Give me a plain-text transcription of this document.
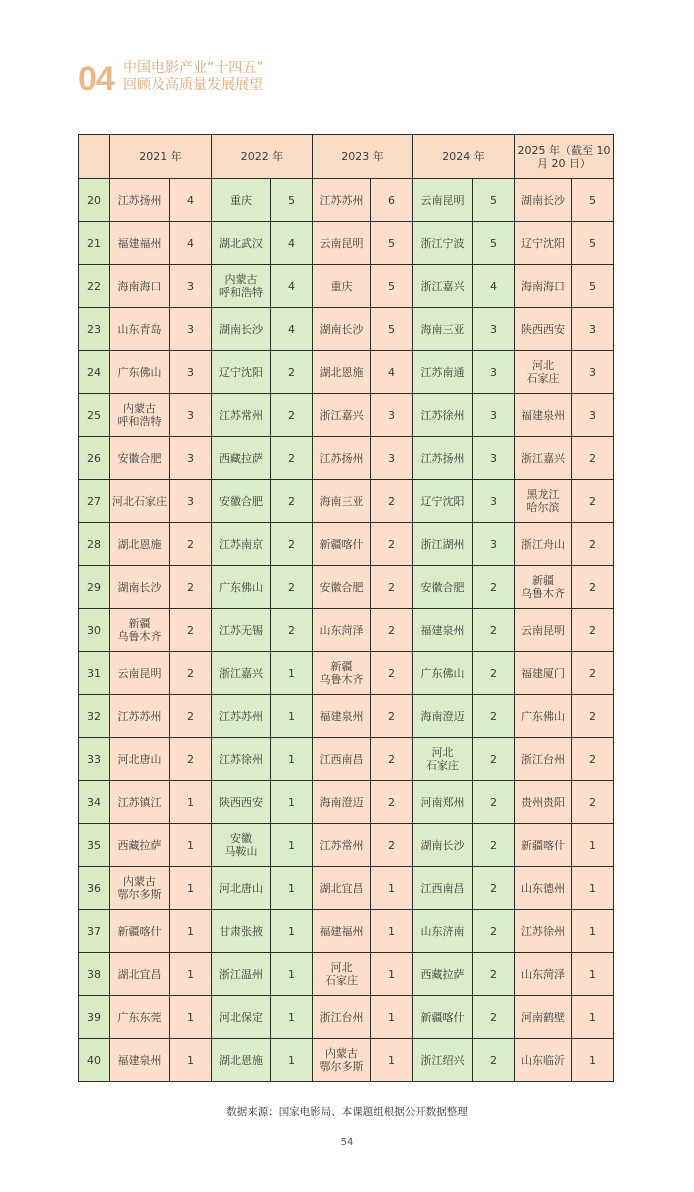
04 中国电影产业“十四五”
回顾及高质量发展展望
	2021 年		2022 年		2023 年		2024 年		2025 年（截至 10 月 20 日）	
20	江苏扬州	4	重庆	5	江苏苏州	6	云南昆明	5	湖南长沙	5
21	福建福州	4	湖北武汉	4	云南昆明	5	浙江宁波	5	辽宁沈阳	5
22	海南海口	3	内蒙古
呼和浩特	4	重庆	5	浙江嘉兴	4	海南海口	5
23	山东青岛	3	湖南长沙	4	湖南长沙	5	海南三亚	3	陕西西安	3
24	广东佛山	3	辽宁沈阳	2	湖北恩施	4	江苏南通	3	河北
石家庄	3
25	内蒙古
呼和浩特	3	江苏常州	2	浙江嘉兴	3	江苏徐州	3	福建泉州	3
26	安徽合肥	3	西藏拉萨	2	江苏扬州	3	江苏扬州	3	浙江嘉兴	2
27	河北石家庄	3	安徽合肥	2	海南三亚	2	辽宁沈阳	3	黑龙江
哈尔滨	2
28	湖北恩施	2	江苏南京	2	新疆喀什	2	浙江湖州	3	浙江舟山	2
29	湖南长沙	2	广东佛山	2	安徽合肥	2	安徽合肥	2	新疆
乌鲁木齐	2
30	新疆
乌鲁木齐	2	江苏无锡	2	山东菏泽	2	福建泉州	2	云南昆明	2
31	云南昆明	2	浙江嘉兴	1	新疆
乌鲁木齐	2	广东佛山	2	福建厦门	2
32	江苏苏州	2	江苏苏州	1	福建泉州	2	海南澄迈	2	广东佛山	2
33	河北唐山	2	江苏徐州	1	江西南昌	2	河北
石家庄	2	浙江台州	2
34	江苏镇江	1	陕西西安	1	海南澄迈	2	河南郑州	2	贵州贵阳	2
35	西藏拉萨	1	安徽
马鞍山	1	江苏常州	2	湖南长沙	2	新疆喀什	1
36	内蒙古
鄂尔多斯	1	河北唐山	1	湖北宜昌	1	江西南昌	2	山东德州	1
37	新疆喀什	1	甘肃张掖	1	福建福州	1	山东济南	2	江苏徐州	1
38	湖北宜昌	1	浙江温州	1	河北
石家庄	1	西藏拉萨	2	山东菏泽	1
39	广东东莞	1	河北保定	1	浙江台州	1	新疆喀什	2	河南鹤壁	1
40	福建泉州	1	湖北恩施	1	内蒙古
鄂尔多斯	1	浙江绍兴	2	山东临沂	1
数据来源：国家电影局、本课题组根据公开数据整理
54
